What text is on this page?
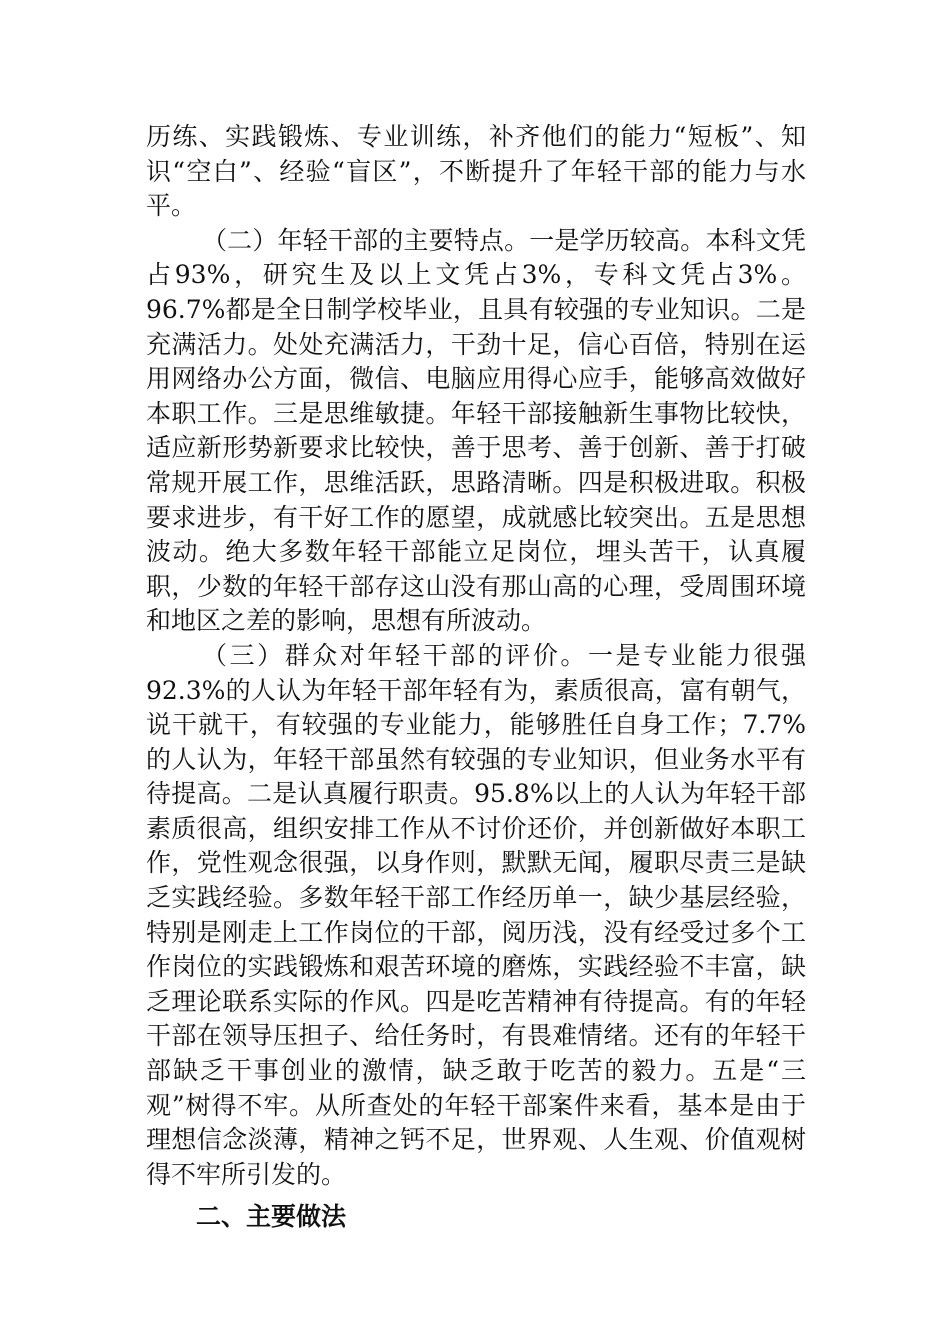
历练、实践锻炼、专业训练，补齐他们的能力“短板”、知识“空白”、经验“盲区”，不断提升了年轻干部的能力与水平。

（二）年轻干部的主要特点。一是学历较高。本科文凭占93%，研究生及以上文凭占3%，专科文凭占3%。96.7%都是全日制学校毕业，且具有较强的专业知识。二是充满活力。处处充满活力，干劲十足，信心百倍，特别在运用网络办公方面，微信、电脑应用得心应手，能够高效做好本职工作。三是思维敏捷。年轻干部接触新生事物比较快，适应新形势新要求比较快，善于思考、善于创新、善于打破常规开展工作，思维活跃，思路清晰。四是积极进取。积极要求进步，有干好工作的愿望，成就感比较突出。五是思想波动。绝大多数年轻干部能立足岗位，埋头苦干，认真履职，少数的年轻干部存这山没有那山高的心理，受周围环境和地区之差的影响，思想有所波动。

（三）群众对年轻干部的评价。一是专业能力很强92.3%的人认为年轻干部年轻有为，素质很高，富有朝气，说干就干，有较强的专业能力，能够胜任自身工作；7.7%的人认为，年轻干部虽然有较强的专业知识，但业务水平有待提高。二是认真履行职责。95.8%以上的人认为年轻干部素质很高，组织安排工作从不讨价还价，并创新做好本职工作，党性观念很强，以身作则，默默无闻，履职尽责三是缺乏实践经验。多数年轻干部工作经历单一，缺少基层经验，特别是刚走上工作岗位的干部，阅历浅，没有经受过多个工作岗位的实践锻炼和艰苦环境的磨炼，实践经验不丰富，缺乏理论联系实际的作风。四是吃苦精神有待提高。有的年轻干部在领导压担子、给任务时，有畏难情绪。还有的年轻干部缺乏干事创业的激情，缺乏敢于吃苦的毅力。五是“三观”树得不牢。从所查处的年轻干部案件来看，基本是由于理想信念淡薄，精神之钙不足，世界观、人生观、价值观树得不牢所引发的。

二、主要做法
